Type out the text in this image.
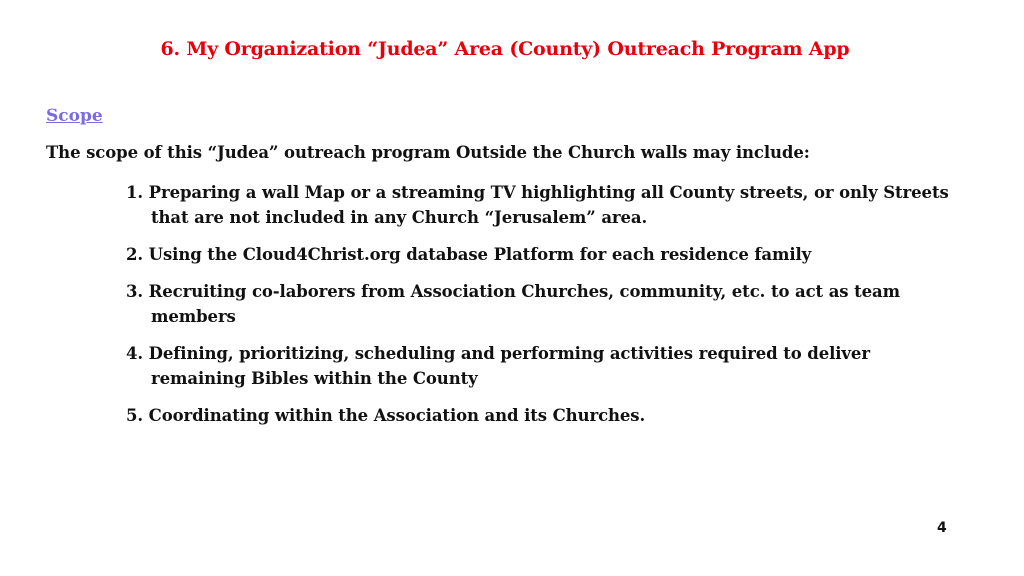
6. My Organization “Judea” Area (County) Outreach Program App
Scope

The scope of this “Judea” outreach program Outside the Church walls may include:

1. Preparing a wall Map or a streaming TV highlighting all County streets, or only Streets that are not included in any Church “Jerusalem” area.
2. Using the Cloud4Christ.org database Platform for each residence family
3. Recruiting co-laborers from Association Churches, community, etc. to act as team members
4. Defining, prioritizing, scheduling and performing activities required to deliver remaining Bibles within the County
5. Coordinating within the Association and its Churches.
4
